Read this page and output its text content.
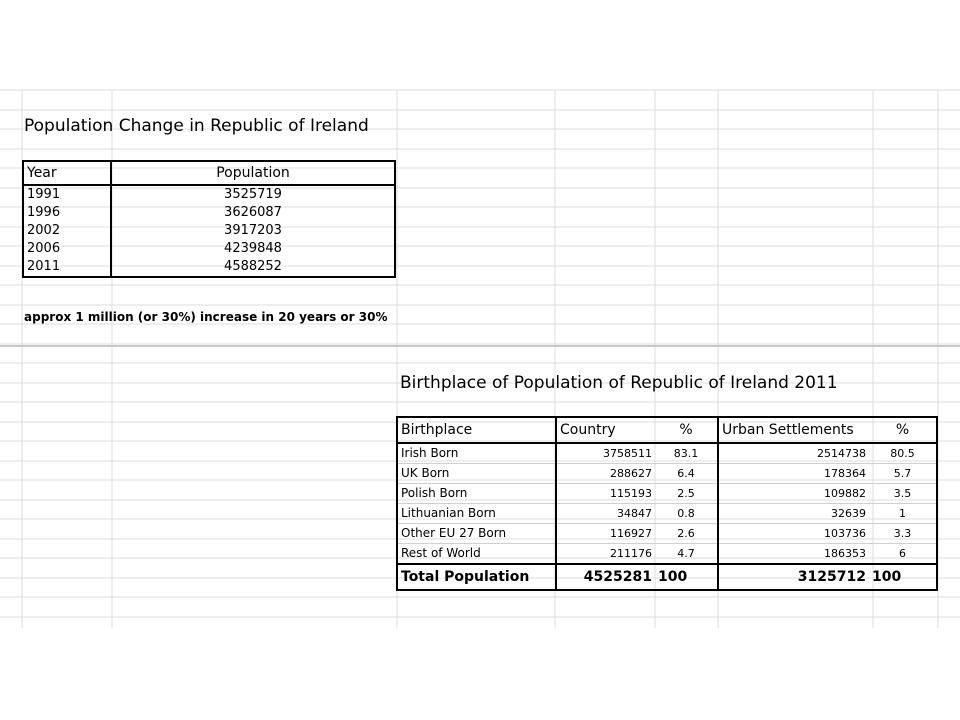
Population Change in Republic of Ireland
Year	Population
1991	3525719
1996	3626087
2002	3917203
2006	4239848
2011	4588252
approx 1 million (or 30%) increase in 20 years or 30%
Birthplace of Population of Republic of Ireland 2011
Birthplace	Country	%	Urban Settlements	%
Irish Born	3758511	83.1	2514738	80.5
UK Born	288627	6.4	178364	5.7
Polish Born	115193	2.5	109882	3.5
Lithuanian Born	34847	0.8	32639	1
Other EU 27 Born	116927	2.6	103736	3.3
Rest of World	211176	4.7	186353	6
Total Population	4525281	100	3125712	100
